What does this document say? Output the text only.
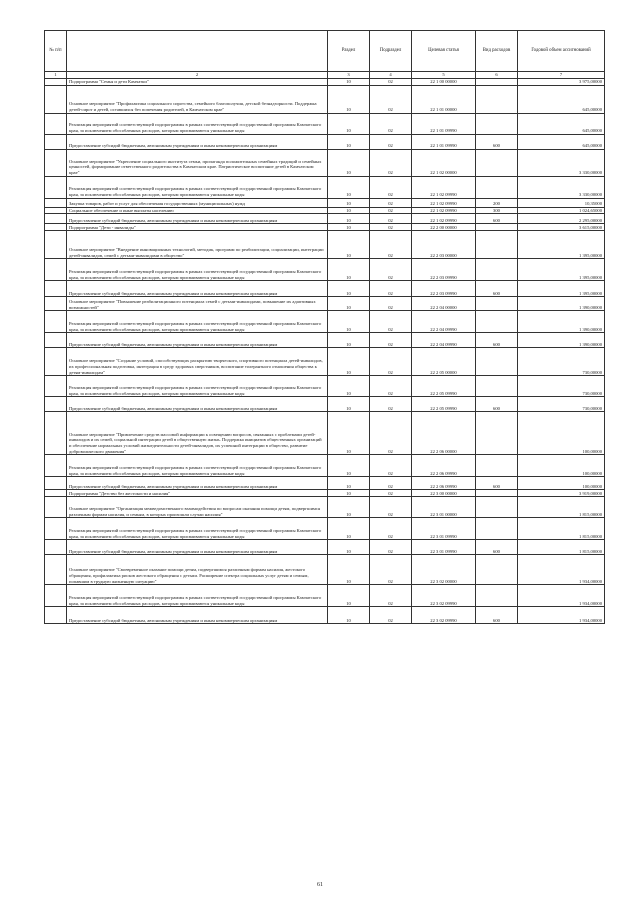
№ п/п		Раздел	Подраздел	Целевая статья	Вид расходов	Годовой объем ассигнований
1	2	3	4	5	6	7
	Подпрограмма "Семья и дети Камчатки"	10	02	22 1 00 00000		3 975,00000
	Основное мероприятие "Профилактика социального сиротства, семейного благополучия, детской безнадзорности. Поддержка детей-сирот и детей, оставшихся без попечения родителей, в Камчатском крае"	10	02	22 1 01 00000		645,00000
	Реализация мероприятий соответствующей подпрограммы в рамках соответствующей государственной программы Камчатского края, за исключением обособленных расходов, которым присваиваются уникальные коды	10	02	22 1 01 09990		645,00000
	Предоставление субсидий бюджетным, автономным учреждениям и иным некоммерческим организациям	10	02	22 1 01 09990	600	645,00000
	Основное мероприятие "Укрепление социального института семьи, пропаганда положительных семейных традиций и семейных ценностей, формирование ответственного родительства в Камчатском крае. Патриотическое воспитание детей в Камчатском крае"	10	02	22 1 02 00000		3 330,00000
	Реализация мероприятий соответствующей подпрограммы в рамках соответствующей государственной программы Камчатского края, за исключением обособленных расходов, которым присваиваются уникальные коды	10	02	22 1 02 09990		3 330,00000
	Закупка товаров, работ и услуг для обеспечения государственных (муниципальных) нужд	10	02	22 1 02 09990	200	10,35000
	Социальное обеспечение и иные выплаты населению	10	02	22 1 02 09990	300	1 024,65000
	Предоставление субсидий бюджетным, автономным учреждениям и иным некоммерческим организациям	10	02	22 1 02 09990	600	2 295,00000
	Подпрограмма "Дети - инвалиды"	10	02	22 2 00 00000		3 615,00000
	Основное мероприятие "Внедрение инновационных технологий, методик, программ по реабилитации, социализации, интеграции детей-инвалидов, семей с детьми-инвалидами в общество"	10	02	22 2 03 00000		1 395,00000
	Реализация мероприятий соответствующей подпрограммы в рамках соответствующей государственной программы Камчатского края, за исключением обособленных расходов, которым присваиваются уникальные коды	10	02	22 2 03 09990		1 395,00000
	Предоставление субсидий бюджетным, автономным учреждениям и иным некоммерческим организациям	10	02	22 2 03 09990	600	1 395,00000
	Основное мероприятие "Повышение реабилитационного потенциала семей с детьми-инвалидами, повышение их адаптивных возможностей"	10	02	22 2 04 00000		1 390,00000
	Реализация мероприятий соответствующей подпрограммы в рамках соответствующей государственной программы Камчатского края, за исключением обособленных расходов, которым присваиваются уникальные коды	10	02	22 2 04 09990		1 390,00000
	Предоставление субсидий бюджетным, автономным учреждениям и иным некоммерческим организациям	10	02	22 2 04 09990	600	1 390,00000
	Основное мероприятие "Создание условий, способствующих раскрытию творческого, спортивного потенциала детей-инвалидов, их профессиональная подготовка, интеграция в среду здоровых сверстников, воспитание толерантного отношения общества к детям-инвалидам"	10	02	22 2 05 00000		730,00000
	Реализация мероприятий соответствующей подпрограммы в рамках соответствующей государственной программы Камчатского края, за исключением обособленных расходов, которым присваиваются уникальные коды	10	02	22 2 05 09990		730,00000
	Предоставление субсидий бюджетным, автономным учреждениям и иным некоммерческим организациям	10	02	22 2 05 09990	600	730,00000
	Основное мероприятие "Привлечение средств массовой информации к освещению вопросов, связанных с проблемами детей-инвалидов и их семей, социальной интеграции детей в общественную жизнь. Поддержка инициатив общественных организаций и обеспечение нормальных условий жизнедеятельности детей-инвалидов, их успешной интеграции в общество, развитие добровольческого движения"	10	02	22 2 06 00000		100,00000
	Реализация мероприятий соответствующей подпрограммы в рамках соответствующей государственной программы Камчатского края, за исключением обособленных расходов, которым присваиваются уникальные коды	10	02	22 2 06 09990		100,00000
	Предоставление субсидий бюджетным, автономным учреждениям и иным некоммерческим организациям	10	02	22 2 06 09990	600	100,00000
	Подпрограмма "Детство без жестокости и насилия"	10	02	22 3 00 00000		3 919,00000
	Основное мероприятие "Организация межведомственного взаимодействия по вопросам оказания помощи детям, подвергшимся различным формам насилия, и семьям, в которых произошли случаи насилия"	10	02	22 3 01 00000		1 815,00000
	Реализация мероприятий соответствующей подпрограммы в рамках соответствующей государственной программы Камчатского края, за исключением обособленных расходов, которым присваиваются уникальные коды	10	02	22 3 01 09990		1 815,00000
	Предоставление субсидий бюджетным, автономным учреждениям и иным некоммерческим организациям	10	02	22 3 01 09990	600	1 815,00000
	Основное мероприятие "Своевременное оказание помощи детям, подвергшимся различным формам насилия, жестокого обращения, профилактика рисков жестокого обращения с детьми. Расширение спектра социальных услуг детям и семьям, попавшим в трудную жизненную ситуацию"	10	02	22 3 02 00000		1 934,00000
	Реализация мероприятий соответствующей подпрограммы в рамках соответствующей государственной программы Камчатского края, за исключением обособленных расходов, которым присваиваются уникальные коды	10	02	22 3 02 09990		1 934,00000
	Предоставление субсидий бюджетным, автономным учреждениям и иным некоммерческим организациям	10	02	22 3 02 09990	600	1 934,00000
61
